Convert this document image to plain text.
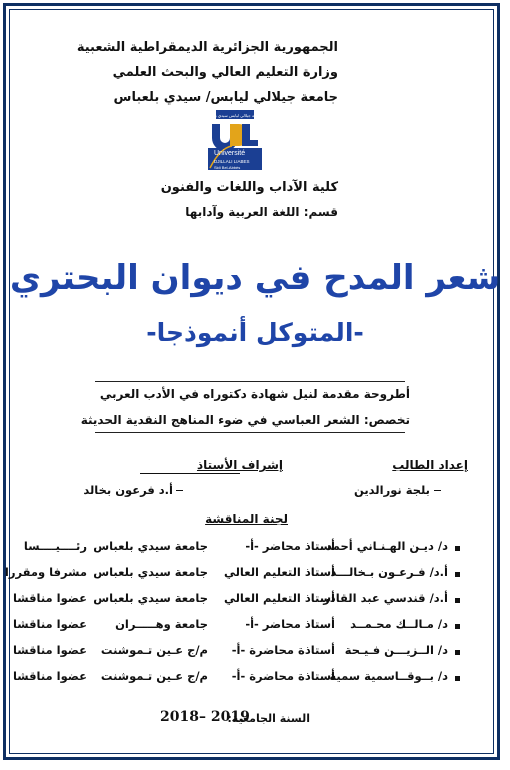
الجمهورية الجزائرية الديمقراطية الشعبية
وزارة التعليم العالي والبحث العلمي
جامعة جيلالي ليابس/ سيدي بلعباس
جامعة جيلالي ليابس سيدي بلعباس
Université
DJILLALI LIABES
Sidi Bel-Abbès
كلية الآداب واللغات والفنون
قسم: اللغة العربية وآدابها
شعر المدح في ديوان البحتري
-المتوكل أنموذجا-
أطروحة مقدمة لنيل شهادة دكتوراه في الأدب العربي
تخصص: الشعر العباسي في ضوء المناهج النقدية الحديثة
إعداد الطالب
إشراف الأستاذ
بلجة نورالدين
أ.د فرعون بخالد
لجنة المناقشة
د/ ديـن الهـنـاني أحمد
أستاذ محاضر -أ-
جامعة سيدي بلعباس
رئــــيــــسا
أ.د/ فـرعـون بـخالـــد
أستاذ التعليم العالي
جامعة سيدي بلعباس
مشرفا ومقررا
أ.د/ قندسي عبد القادر
أستاذ التعليم العالي
جامعة سيدي بلعباس
عضوا مناقشا
د/ مـالــك محـمــد
أستاذ محاضر -أ-
جامعة وهـــــران
عضوا مناقشا
د/ الــزيـــن فـيـحة
أستاذة محاضرة -أ-
م/ج عـين تـموشنت
عضوا مناقشا
د/ بــوقــاسمية سمية
أستاذة محاضرة -أ-
م/ج عـين تـموشنت
عضوا مناقشا
السنة الجامعية:
2018– 2019
